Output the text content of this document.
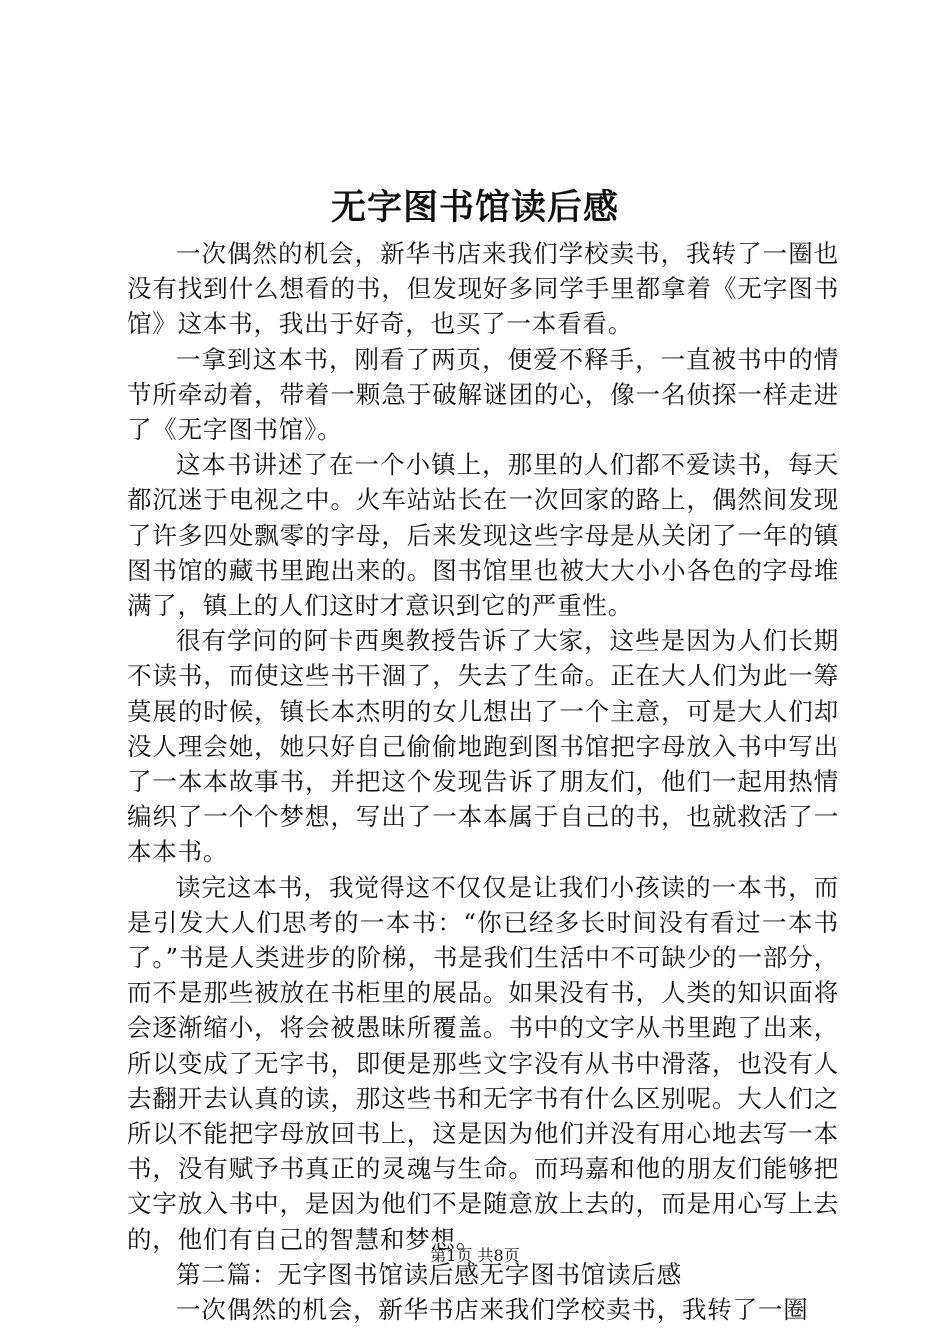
无字图书馆读后感

一次偶然的机会，新华书店来我们学校卖书，我转了一圈也没有找到什么想看的书，但发现好多同学手里都拿着《无字图书馆》这本书，我出于好奇，也买了一本看看。

一拿到这本书，刚看了两页，便爱不释手，一直被书中的情节所牵动着，带着一颗急于破解谜团的心，像一名侦探一样走进了《无字图书馆》。

这本书讲述了在一个小镇上，那里的人们都不爱读书，每天都沉迷于电视之中。火车站站长在一次回家的路上，偶然间发现了许多四处飘零的字母，后来发现这些字母是从关闭了一年的镇图书馆的藏书里跑出来的。图书馆里也被大大小小各色的字母堆满了，镇上的人们这时才意识到它的严重性。

很有学问的阿卡西奥教授告诉了大家，这些是因为人们长期不读书，而使这些书干涸了，失去了生命。正在大人们为此一筹莫展的时候，镇长本杰明的女儿想出了一个主意，可是大人们却没人理会她，她只好自己偷偷地跑到图书馆把字母放入书中写出了一本本故事书，并把这个发现告诉了朋友们，他们一起用热情编织了一个个梦想，写出了一本本属于自己的书，也就救活了一本本书。

读完这本书，我觉得这不仅仅是让我们小孩读的一本书，而是引发大人们思考的一本书：“你已经多长时间没有看过一本书了。”书是人类进步的阶梯，书是我们生活中不可缺少的一部分，而不是那些被放在书柜里的展品。如果没有书，人类的知识面将会逐渐缩小，将会被愚昧所覆盖。书中的文字从书里跑了出来，所以变成了无字书，即便是那些文字没有从书中滑落，也没有人去翻开去认真的读，那这些书和无字书有什么区别呢。大人们之所以不能把字母放回书上，这是因为他们并没有用心地去写一本书，没有赋予书真正的灵魂与生命。而玛嘉和他的朋友们能够把文字放入书中，是因为他们不是随意放上去的，而是用心写上去的，他们有自己的智慧和梦想。

第二篇：无字图书馆读后感无字图书馆读后感

一次偶然的机会，新华书店来我们学校卖书，我转了一圈

第1页 共8页
